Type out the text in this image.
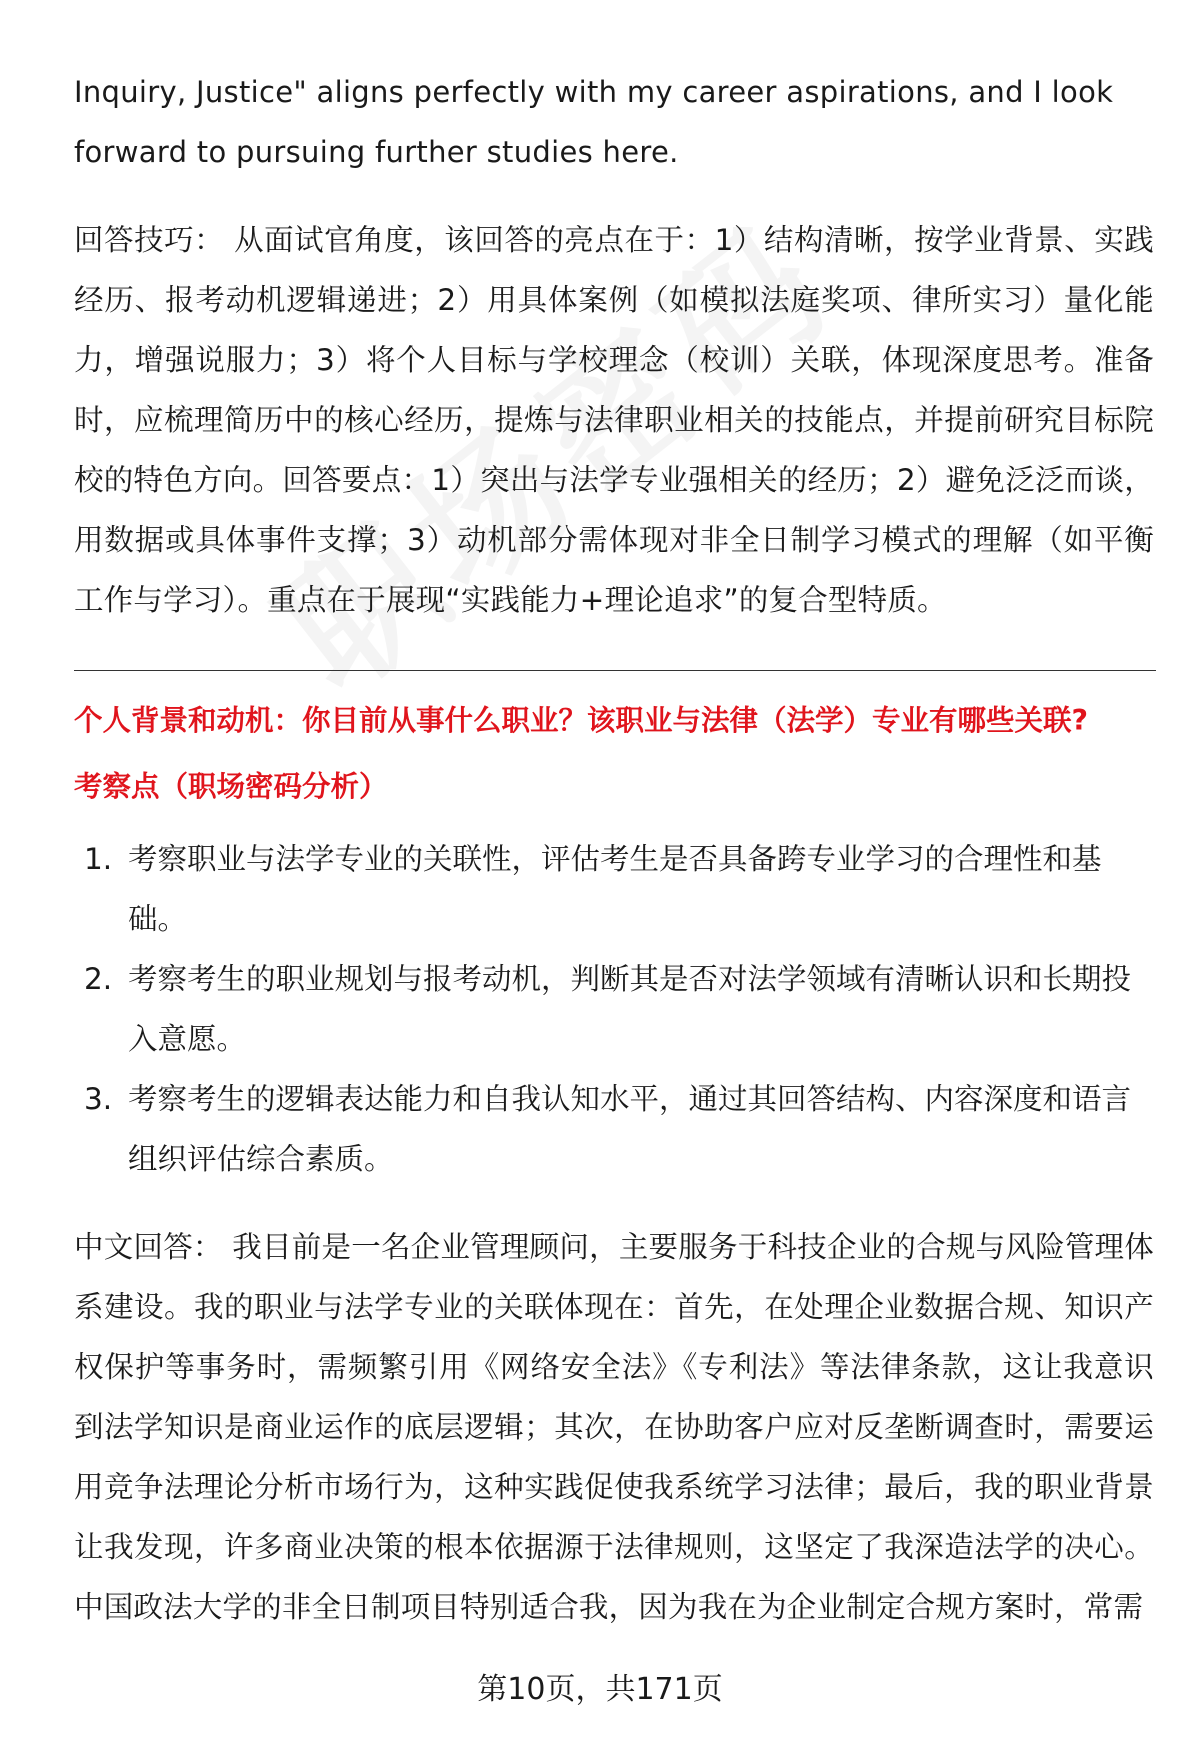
Inquiry, Justice" aligns perfectly with my career aspirations, and I look

forward to pursuing further studies here.

回答技巧： 从面试官角度，该回答的亮点在于：1）结构清晰，按学业背景、实践经历、报考动机逻辑递进；2）用具体案例（如模拟法庭奖项、律所实习）量化能力，增强说服力；3）将个人目标与学校理念（校训）关联，体现深度思考。准备时，应梳理简历中的核心经历，提炼与法律职业相关的技能点，并提前研究目标院校的特色方向。回答要点：1）突出与法学专业强相关的经历；2）避免泛泛而谈，用数据或具体事件支撑；3）动机部分需体现对非全日制学习模式的理解（如平衡工作与学习）。重点在于展现“实践能力+理论追求”的复合型特质。

个人背景和动机：你目前从事什么职业？该职业与法律（法学）专业有哪些关联?

考察点（职场密码分析）

1. 考察职业与法学专业的关联性，评估考生是否具备跨专业学习的合理性和基础。
2. 考察考生的职业规划与报考动机，判断其是否对法学领域有清晰认识和长期投入意愿。
3. 考察考生的逻辑表达能力和自我认知水平，通过其回答结构、内容深度和语言组织评估综合素质。

中文回答： 我目前是一名企业管理顾问，主要服务于科技企业的合规与风险管理体系建设。我的职业与法学专业的关联体现在：首先，在处理企业数据合规、知识产权保护等事务时，需频繁引用《网络安全法》《专利法》等法律条款，这让我意识到法学知识是商业运作的底层逻辑；其次，在协助客户应对反垄断调查时，需要运用竞争法理论分析市场行为，这种实践促使我系统学习法律；最后，我的职业背景让我发现，许多商业决策的根本依据源于法律规则，这坚定了我深造法学的决心。中国政法大学的非全日制项目特别适合我，因为我在为企业制定合规方案时，常需

第10页，共171页
